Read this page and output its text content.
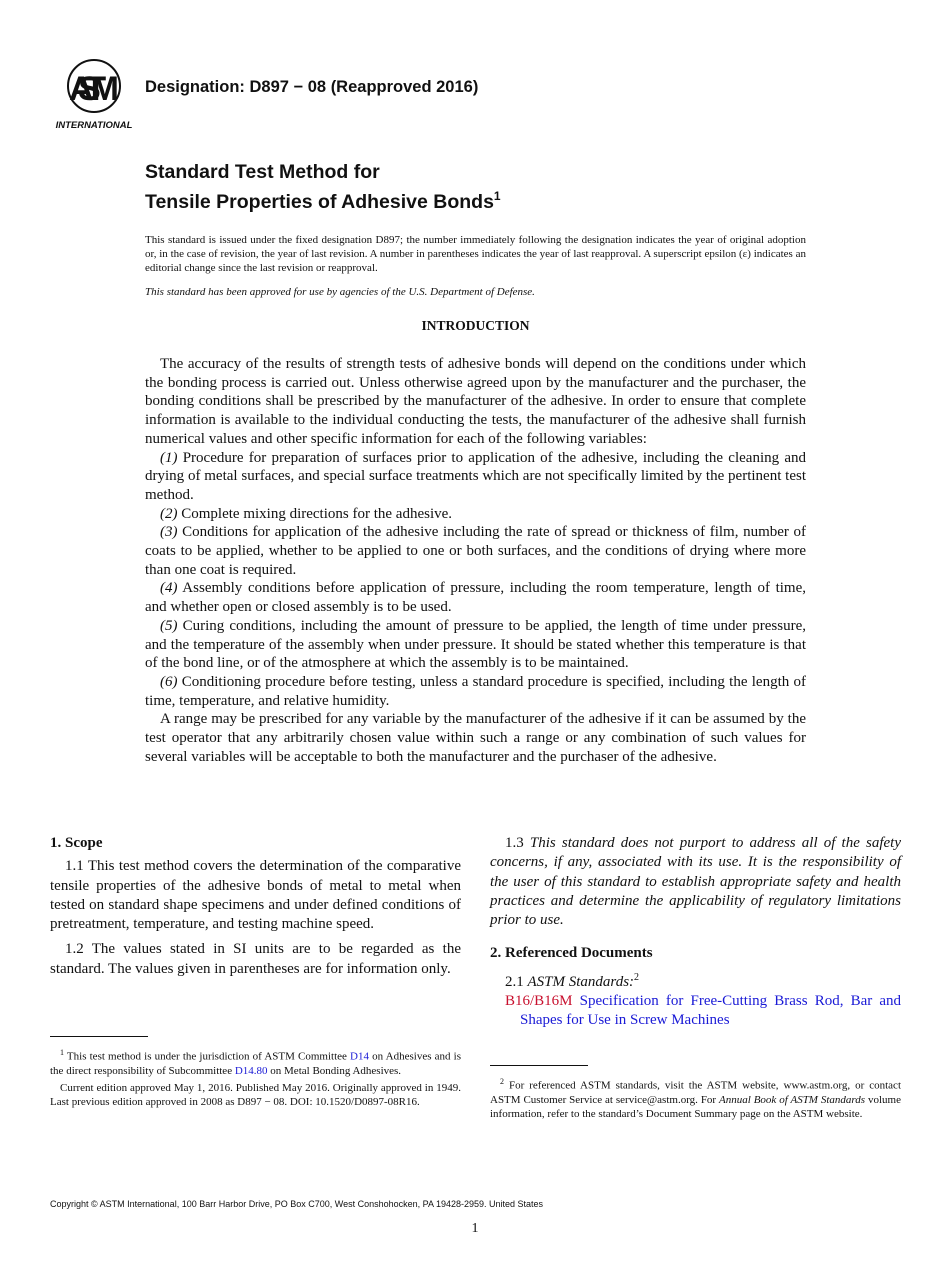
ASTM
INTERNATIONAL
Designation: D897 − 08 (Reapproved 2016)
Standard Test Method for
Tensile Properties of Adhesive Bonds$^1$
This standard is issued under the fixed designation D897; the number immediately following the designation indicates the year of original adoption or, in the case of revision, the year of last revision. A number in parentheses indicates the year of last reapproval. A superscript epsilon (ε) indicates an editorial change since the last revision or reapproval.
This standard has been approved for use by agencies of the U.S. Department of Defense.
INTRODUCTION

The accuracy of the results of strength tests of adhesive bonds will depend on the conditions under which the bonding process is carried out. Unless otherwise agreed upon by the manufacturer and the purchaser, the bonding conditions shall be prescribed by the manufacturer of the adhesive. In order to ensure that complete information is available to the individual conducting the tests, the manufacturer of the adhesive shall furnish numerical values and other specific information for each of the following variables:

(1) Procedure for preparation of surfaces prior to application of the adhesive, including the cleaning and drying of metal surfaces, and special surface treatments which are not specifically limited by the pertinent test method.

(2) Complete mixing directions for the adhesive.

(3) Conditions for application of the adhesive including the rate of spread or thickness of film, number of coats to be applied, whether to be applied to one or both surfaces, and the conditions of drying where more than one coat is required.

(4) Assembly conditions before application of pressure, including the room temperature, length of time, and whether open or closed assembly is to be used.

(5) Curing conditions, including the amount of pressure to be applied, the length of time under pressure, and the temperature of the assembly when under pressure. It should be stated whether this temperature is that of the bond line, or of the atmosphere at which the assembly is to be maintained.

(6) Conditioning procedure before testing, unless a standard procedure is specified, including the length of time, temperature, and relative humidity.

A range may be prescribed for any variable by the manufacturer of the adhesive if it can be assumed by the test operator that any arbitrarily chosen value within such a range or any combination of such values for several variables will be acceptable to both the manufacturer and the purchaser of the adhesive.

1. Scope

1.1 This test method covers the determination of the comparative tensile properties of the adhesive bonds of metal to metal when tested on standard shape specimens and under defined conditions of pretreatment, temperature, and testing machine speed.

1.2 The values stated in SI units are to be regarded as the standard. The values given in parentheses are for information only.

$^1$ This test method is under the jurisdiction of ASTM Committee D14 on Adhesives and is the direct responsibility of Subcommittee D14.80 on Metal Bonding Adhesives.

Current edition approved May 1, 2016. Published May 2016. Originally approved in 1949. Last previous edition approved in 2008 as D897 − 08. DOI: 10.1520/D0897-08R16.

1.3 This standard does not purport to address all of the safety concerns, if any, associated with its use. It is the responsibility of the user of this standard to establish appropriate safety and health practices and determine the applicability of regulatory limitations prior to use.

2. Referenced Documents

2.1 ASTM Standards:$^2$

B16/B16M Specification for Free-Cutting Brass Rod, Bar and Shapes for Use in Screw Machines

$^2$ For referenced ASTM standards, visit the ASTM website, www.astm.org, or contact ASTM Customer Service at service@astm.org. For Annual Book of ASTM Standards volume information, refer to the standard’s Document Summary page on the ASTM website.

Copyright © ASTM International, 100 Barr Harbor Drive, PO Box C700, West Conshohocken, PA 19428-2959. United States
1
